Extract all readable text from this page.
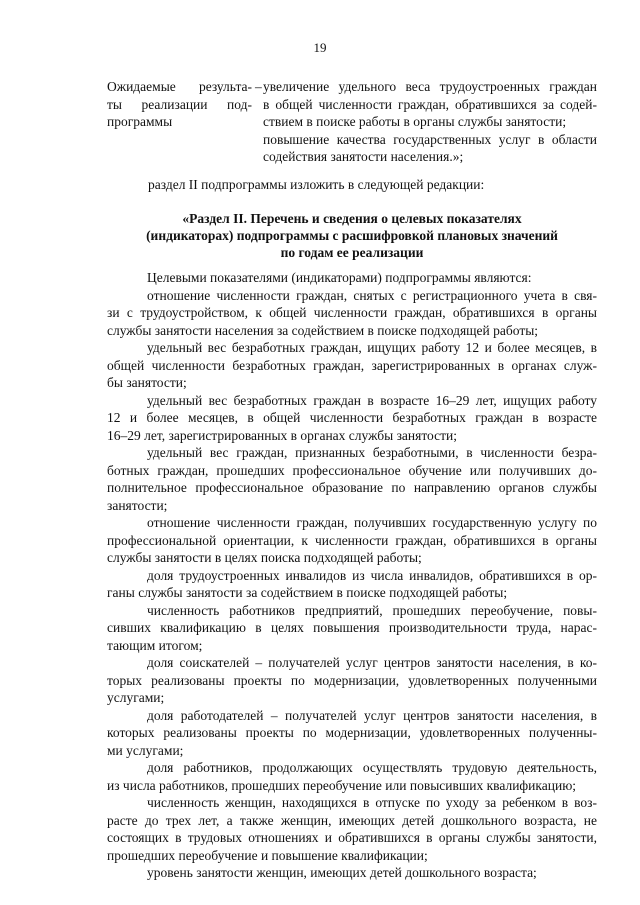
19
Ожидаемые результа-
ты реализации под-
программы
– увеличение удельного веса трудоустроенных граждан
в общей численности граждан, обратившихся за содей-
ствием в поиске работы в органы службы занятости;
повышение качества государственных услуг в области
содействия занятости населения.»;
раздел II подпрограммы изложить в следующей редакции:
«Раздел II. Перечень и сведения о целевых показателях
(индикаторах) подпрограммы с расшифровкой плановых значений
по годам ее реализации
Целевыми показателями (индикаторами) подпрограммы являются:
отношение численности граждан, снятых с регистрационного учета в свя-
зи с трудоустройством, к общей численности граждан, обратившихся в органы
службы занятости населения за содействием в поиске подходящей работы;
удельный вес безработных граждан, ищущих работу 12 и более месяцев, в
общей численности безработных граждан, зарегистрированных в органах служ-
бы занятости;
удельный вес безработных граждан в возрасте 16–29 лет, ищущих работу
12 и более месяцев, в общей численности безработных граждан в возрасте
16–29 лет, зарегистрированных в органах службы занятости;
удельный вес граждан, признанных безработными, в численности безра-
ботных граждан, прошедших профессиональное обучение или получивших до-
полнительное профессиональное образование по направлению органов службы
занятости;
отношение численности граждан, получивших государственную услугу по
профессиональной ориентации, к численности граждан, обратившихся в органы
службы занятости в целях поиска подходящей работы;
доля трудоустроенных инвалидов из числа инвалидов, обратившихся в ор-
ганы службы занятости за содействием в поиске подходящей работы;
численность работников предприятий, прошедших переобучение, повы-
сивших квалификацию в целях повышения производительности труда, нарас-
тающим итогом;
доля соискателей – получателей услуг центров занятости населения, в ко-
торых реализованы проекты по модернизации, удовлетворенных полученными
услугами;
доля работодателей – получателей услуг центров занятости населения, в
которых реализованы проекты по модернизации, удовлетворенных полученны-
ми услугами;
доля работников, продолжающих осуществлять трудовую деятельность,
из числа работников, прошедших переобучение или повысивших квалификацию;
численность женщин, находящихся в отпуске по уходу за ребенком в воз-
расте до трех лет, а также женщин, имеющих детей дошкольного возраста, не
состоящих в трудовых отношениях и обратившихся в органы службы занятости,
прошедших переобучение и повышение квалификации;
уровень занятости женщин, имеющих детей дошкольного возраста;
